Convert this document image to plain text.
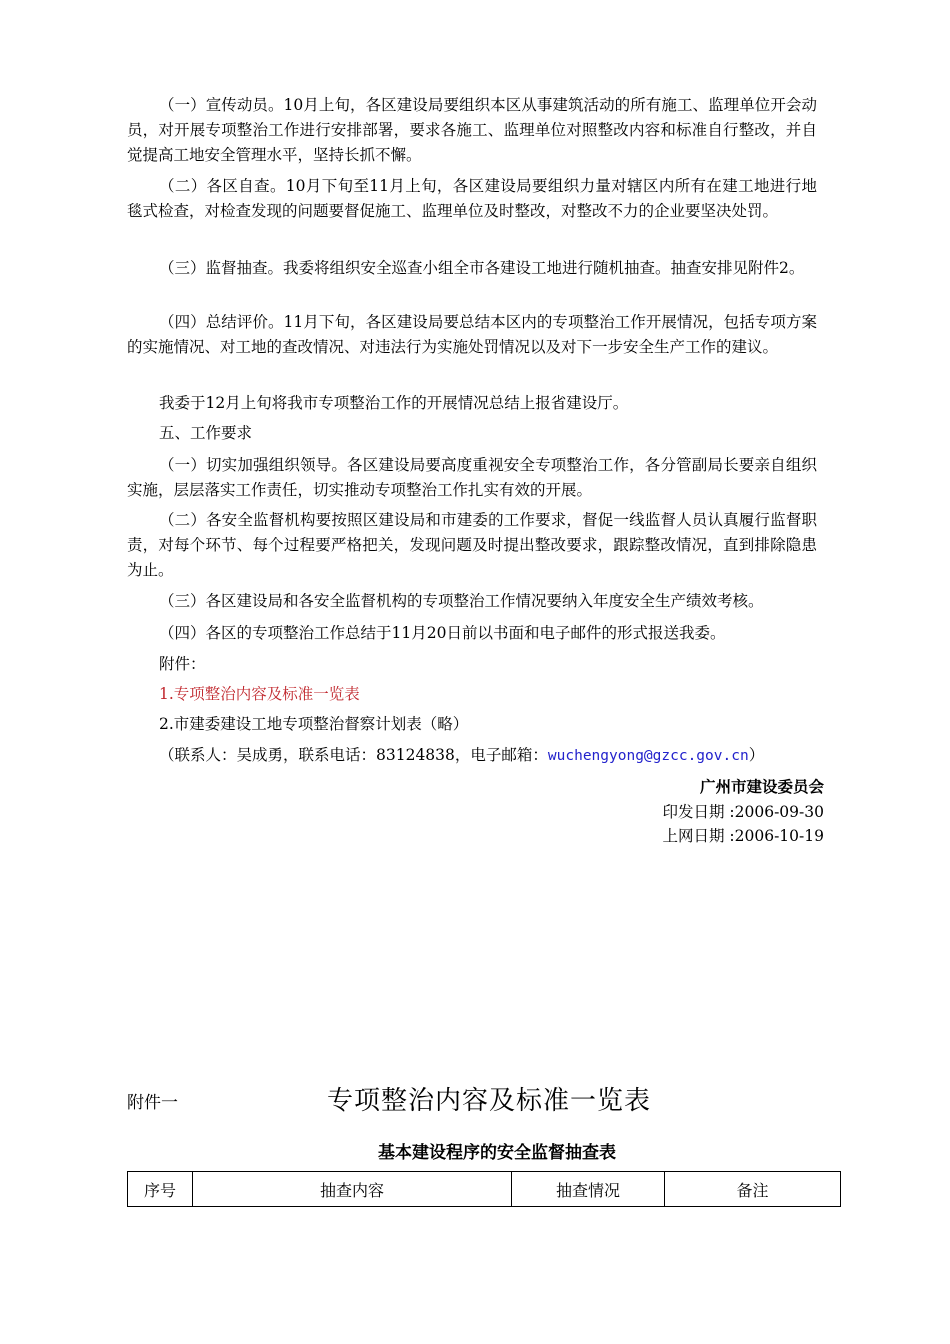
（一）宣传动员。10月上旬，各区建设局要组织本区从事建筑活动的所有施工、监理单位开会动员，对开展专项整治工作进行安排部署，要求各施工、监理单位对照整改内容和标准自行整改，并自觉提高工地安全管理水平，坚持长抓不懈。

（二）各区自查。10月下旬至11月上旬，各区建设局要组织力量对辖区内所有在建工地进行地毯式检查，对检查发现的问题要督促施工、监理单位及时整改，对整改不力的企业要坚决处罚。

（三）监督抽查。我委将组织安全巡查小组全市各建设工地进行随机抽查。抽查安排见附件2。

（四）总结评价。11月下旬，各区建设局要总结本区内的专项整治工作开展情况，包括专项方案的实施情况、对工地的查改情况、对违法行为实施处罚情况以及对下一步安全生产工作的建议。

我委于12月上旬将我市专项整治工作的开展情况总结上报省建设厅。

五、工作要求

（一）切实加强组织领导。各区建设局要高度重视安全专项整治工作，各分管副局长要亲自组织实施，层层落实工作责任，切实推动专项整治工作扎实有效的开展。

（二）各安全监督机构要按照区建设局和市建委的工作要求，督促一线监督人员认真履行监督职责，对每个环节、每个过程要严格把关，发现问题及时提出整改要求，跟踪整改情况，直到排除隐患为止。

（三）各区建设局和各安全监督机构的专项整治工作情况要纳入年度安全生产绩效考核。

（四）各区的专项整治工作总结于11月20日前以书面和电子邮件的形式报送我委。

附件：

1.专项整治内容及标准一览表

2.市建委建设工地专项整治督察计划表（略）

（联系人：吴成勇，联系电话：83124838，电子邮箱：wuchengyong@gzcc.gov.cn）

广州市建设委员会
印发日期 :2006-09-30
上网日期 :2006-10-19
附件一	专项整治内容及标准一览表
基本建设程序的安全监督抽查表
序号	抽查内容	抽查情况	备注
